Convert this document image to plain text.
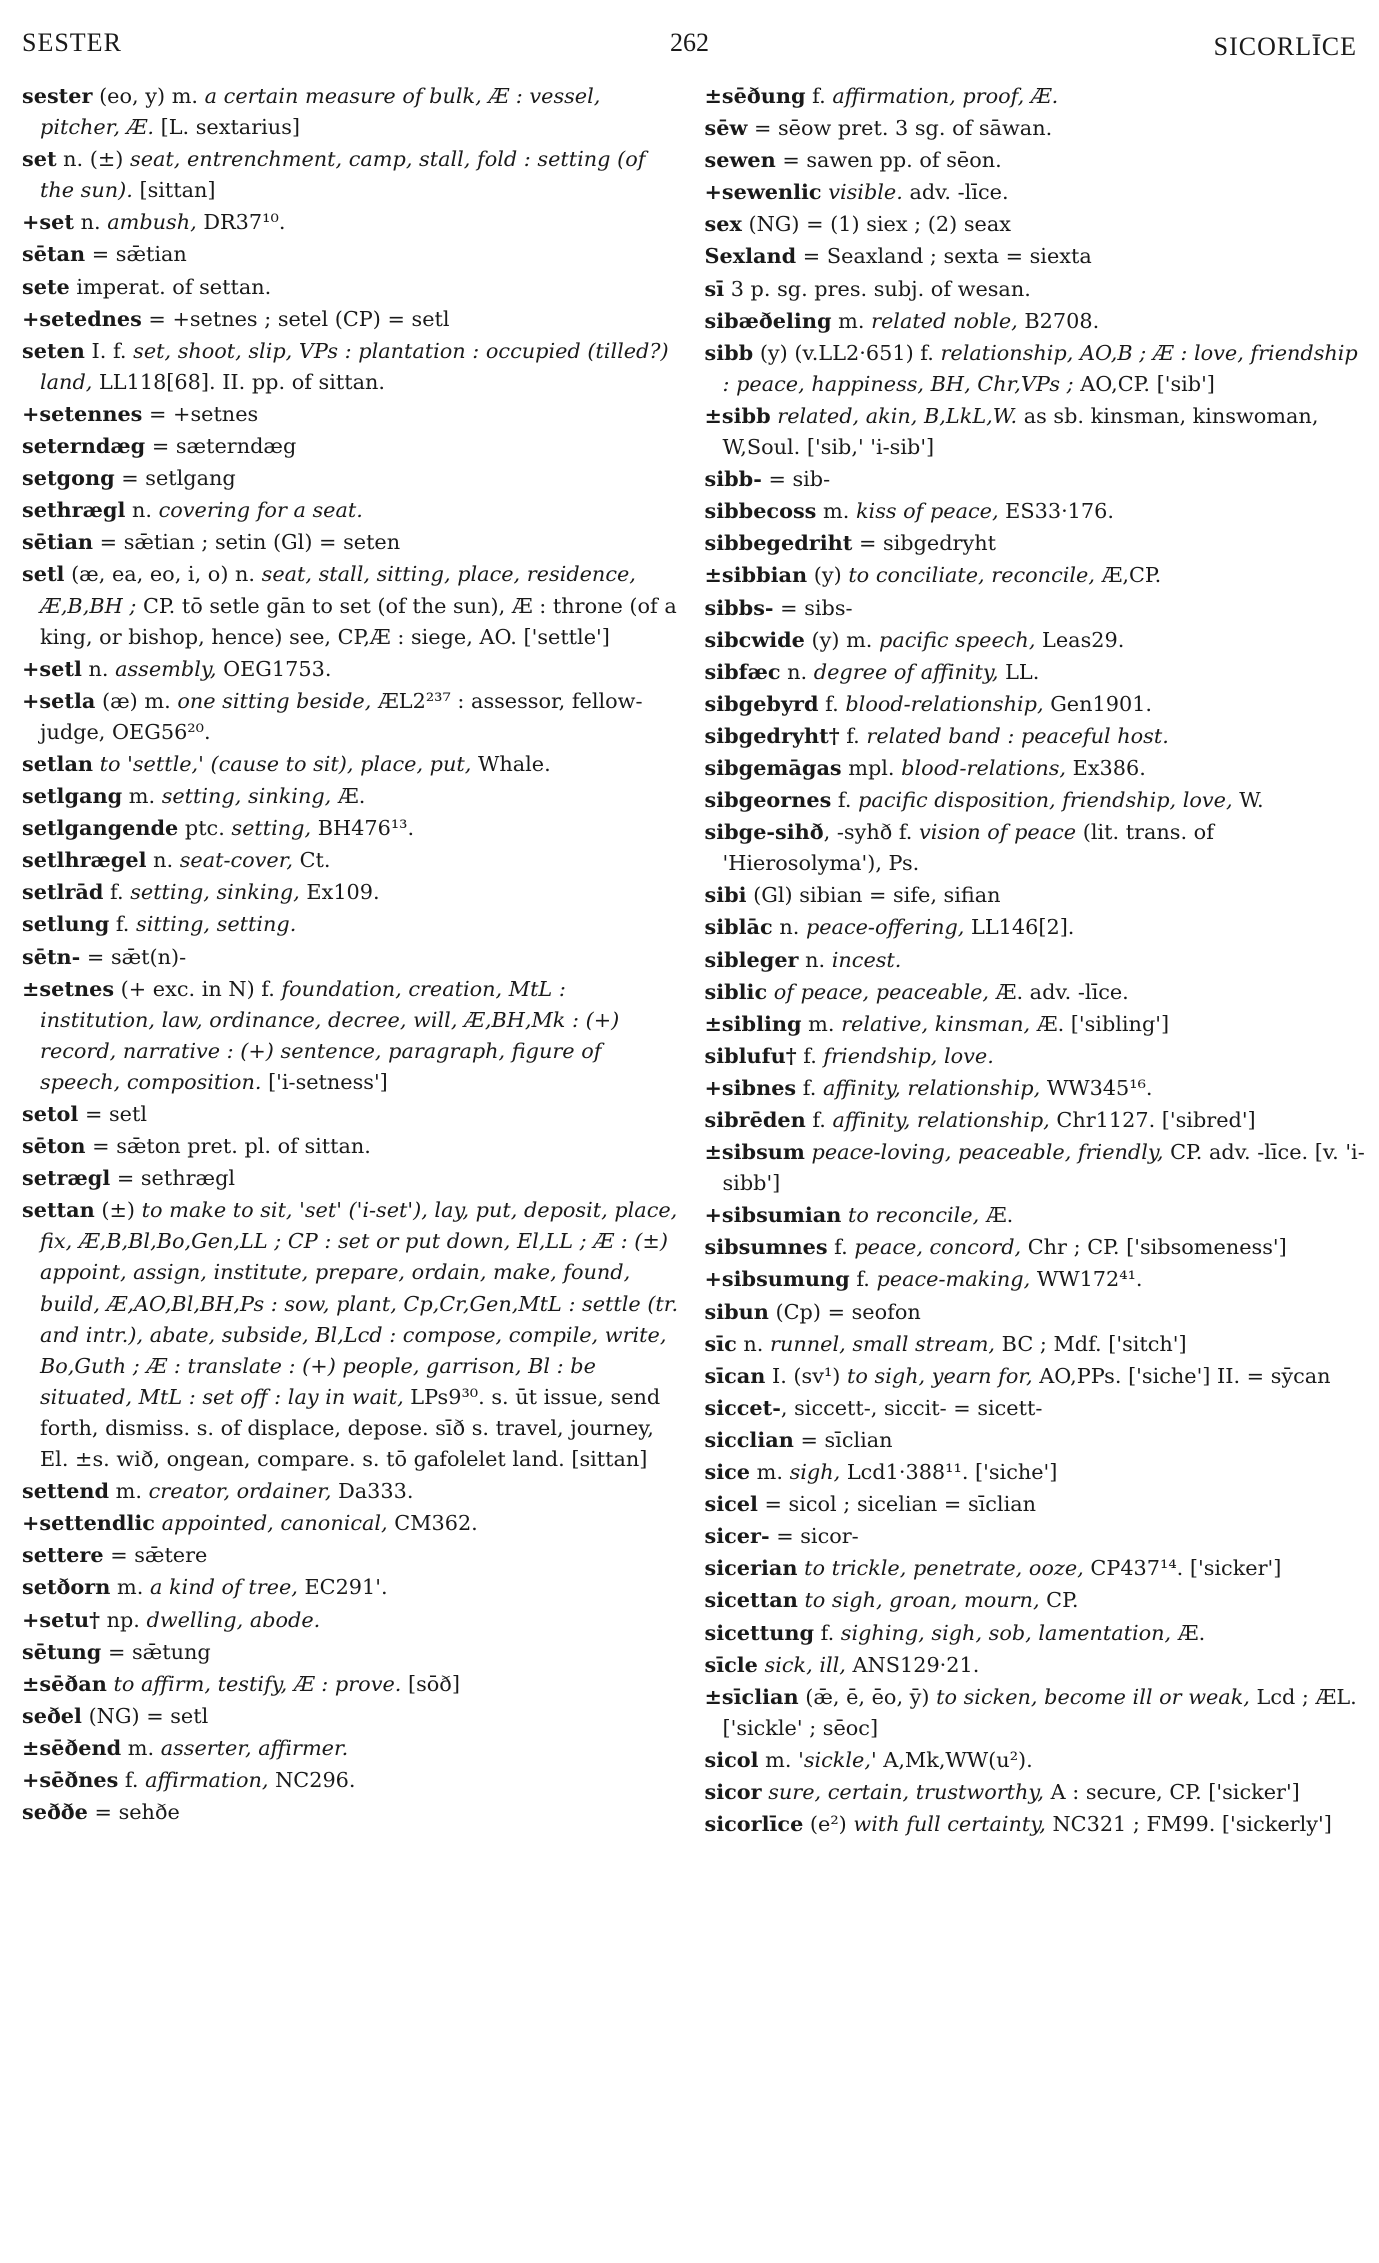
SESTER	262	SICORLĪCE

sester (eo, y) m. a certain measure of bulk, Æ : vessel, pitcher, Æ. [L. sextarius]

set n. (±) seat, entrenchment, camp, stall, fold : setting (of the sun). [sittan]

+set n. ambush, DR37¹⁰.

sētan = sǣtian

sete imperat. of settan.

+setednes = +setnes ; setel (CP) = setl

seten I. f. set, shoot, slip, VPs : plantation : occupied (tilled?) land, LL118[68]. II. pp. of sittan.

+setennes = +setnes

seterndæg = sæterndæg

setgong = setlgang

sethrægl n. covering for a seat.

sētian = sǣtian ; setin (Gl) = seten

setl (æ, ea, eo, i, o) n. seat, stall, sitting, place, residence, Æ,B,BH ; CP. tō setle gān to set (of the sun), Æ : throne (of a king, or bishop, hence) see, CP,Æ : siege, AO. ['settle']

+setl n. assembly, OEG1753.

+setla (æ) m. one sitting beside, ÆL2²³⁷ : assessor, fellow-judge, OEG56²⁰.

setlan to 'settle,' (cause to sit), place, put, Whale.

setlgang m. setting, sinking, Æ.

setlgangende ptc. setting, BH476¹³.

setlhrægel n. seat-cover, Ct.

setlrād f. setting, sinking, Ex109.

setlung f. sitting, setting.

sētn- = sǣt(n)-

±setnes (+ exc. in N) f. foundation, creation, MtL : institution, law, ordinance, decree, will, Æ,BH,Mk : (+) record, narrative : (+) sentence, paragraph, figure of speech, composition. ['i-setness']

setol = setl

sēton = sǣton pret. pl. of sittan.

setrægl = sethrægl

settan (±) to make to sit, 'set' ('i-set'), lay, put, deposit, place, fix, Æ,B,Bl,Bo,Gen,LL ; CP : set or put down, El,LL ; Æ : (±) appoint, assign, institute, prepare, ordain, make, found, build, Æ,AO,Bl,BH,Ps : sow, plant, Cp,Cr,Gen,MtL : settle (tr. and intr.), abate, subside, Bl,Lcd : compose, compile, write, Bo,Guth ; Æ : translate : (+) people, garrison, Bl : be situated, MtL : set off : lay in wait, LPs9³⁰. s. ūt issue, send forth, dismiss. s. of displace, depose. sīð s. travel, journey, El. ±s. wið, ongean, compare. s. tō gafolelet land. [sittan]

settend m. creator, ordainer, Da333.

+settendlic appointed, canonical, CM362.

settere = sǣtere

setðorn m. a kind of tree, EC291'.

+setu† np. dwelling, abode.

sētung = sǣtung

±sēðan to affirm, testify, Æ : prove. [sōð]

seðel (NG) = setl

±sēðend m. asserter, affirmer.

+sēðnes f. affirmation, NC296.

seððe = sehðe

±sēðung f. affirmation, proof, Æ.

sēw = sēow pret. 3 sg. of sāwan.

sewen = sawen pp. of sēon.

+sewenlic visible. adv. -līce.

sex (NG) = (1) siex ; (2) seax

Sexland = Seaxland ; sexta = siexta

sī 3 p. sg. pres. subj. of wesan.

sibæðeling m. related noble, B2708.

sibb (y) (v.LL2·651) f. relationship, AO,B ; Æ : love, friendship : peace, happiness, BH, Chr,VPs ; AO,CP. ['sib']

±sibb related, akin, B,LkL,W. as sb. kinsman, kinswoman, W,Soul. ['sib,' 'i-sib']

sibb- = sib-

sibbecoss m. kiss of peace, ES33·176.

sibbegedriht = sibgedryht

±sibbian (y) to conciliate, reconcile, Æ,CP.

sibbs- = sibs-

sibcwide (y) m. pacific speech, Leas29.

sibfæc n. degree of affinity, LL.

sibgebyrd f. blood-relationship, Gen1901.

sibgedryht† f. related band : peaceful host.

sibgemāgas mpl. blood-relations, Ex386.

sibgeornes f. pacific disposition, friendship, love, W.

sibge-sihð, -syhð f. vision of peace (lit. trans. of 'Hierosolyma'), Ps.

sibi (Gl) sibian = sife, sifian

siblāc n. peace-offering, LL146[2].

sibleger n. incest.

siblic of peace, peaceable, Æ. adv. -līce.

±sibling m. relative, kinsman, Æ. ['sibling']

siblufu† f. friendship, love.

+sibnes f. affinity, relationship, WW345¹⁶.

sibrēden f. affinity, relationship, Chr1127. ['sibred']

±sibsum peace-loving, peaceable, friendly, CP. adv. -līce. [v. 'i-sibb']

+sibsumian to reconcile, Æ.

sibsumnes f. peace, concord, Chr ; CP. ['sibsomeness']

+sibsumung f. peace-making, WW172⁴¹.

sibun (Cp) = seofon

sīc n. runnel, small stream, BC ; Mdf. ['sitch']

sīcan I. (sv¹) to sigh, yearn for, AO,PPs. ['siche'] II. = sȳcan

siccet-, siccett-, siccit- = sicett-

sicclian = sīclian

sice m. sigh, Lcd1·388¹¹. ['siche']

sicel = sicol ; sicelian = sīclian

sicer- = sicor-

sicerian to trickle, penetrate, ooze, CP437¹⁴. ['sicker']

sicettan to sigh, groan, mourn, CP.

sicettung f. sighing, sigh, sob, lamentation, Æ.

sīcle sick, ill, ANS129·21.

±sīclian (ǣ, ē, ēo, ȳ) to sicken, become ill or weak, Lcd ; ÆL. ['sickle' ; sēoc]

sicol m. 'sickle,' A,Mk,WW(u²).

sicor sure, certain, trustworthy, A : secure, CP. ['sicker']

sicorlīce (e²) with full certainty, NC321 ; FM99. ['sickerly']
